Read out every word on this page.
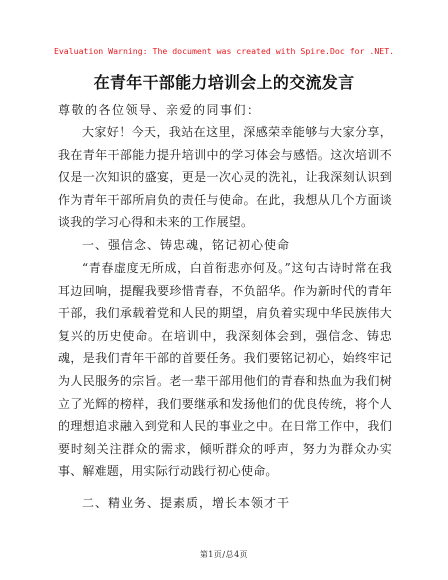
Evaluation Warning: The document was created with Spire.Doc for .NET.
在青年干部能力培训会上的交流发言
尊敬的各位领导、亲爱的同事们：

大家好！今天，我站在这里，深感荣幸能够与大家分享，我在青年干部能力提升培训中的学习体会与感悟。这次培训不仅是一次知识的盛宴，更是一次心灵的洗礼，让我深刻认识到作为青年干部所肩负的责任与使命。在此，我想从几个方面谈谈我的学习心得和未来的工作展望。

一、强信念、铸忠魂，铭记初心使命

“青春虚度无所成，白首衔悲亦何及。”这句古诗时常在我耳边回响，提醒我要珍惜青春，不负韶华。作为新时代的青年干部，我们承载着党和人民的期望，肩负着实现中华民族伟大复兴的历史使命。在培训中，我深刻体会到，强信念、铸忠魂，是我们青年干部的首要任务。我们要铭记初心，始终牢记为人民服务的宗旨。老一辈干部用他们的青春和热血为我们树立了光辉的榜样，我们要继承和发扬他们的优良传统，将个人的理想追求融入到党和人民的事业之中。在日常工作中，我们要时刻关注群众的需求，倾听群众的呼声，努力为群众办实事、解难题，用实际行动践行初心使命。

二、精业务、提素质，增长本领才干
第1页/总4页
